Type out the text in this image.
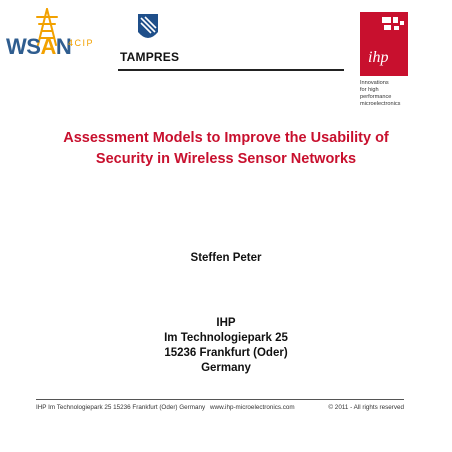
WSAN
4CIP
TAMPRES	ihp
Innovations
for high
performance
microelectronics
Assessment Models to Improve the Usability of
Security in Wireless Sensor Networks
Steffen Peter
IHP
Im Technologiepark 25
15236 Frankfurt (Oder)
Germany
IHP Im Technologiepark 25 15236 Frankfurt (Oder) Germany www.ihp-microelectronics.com	© 2011 - All rights reserved
